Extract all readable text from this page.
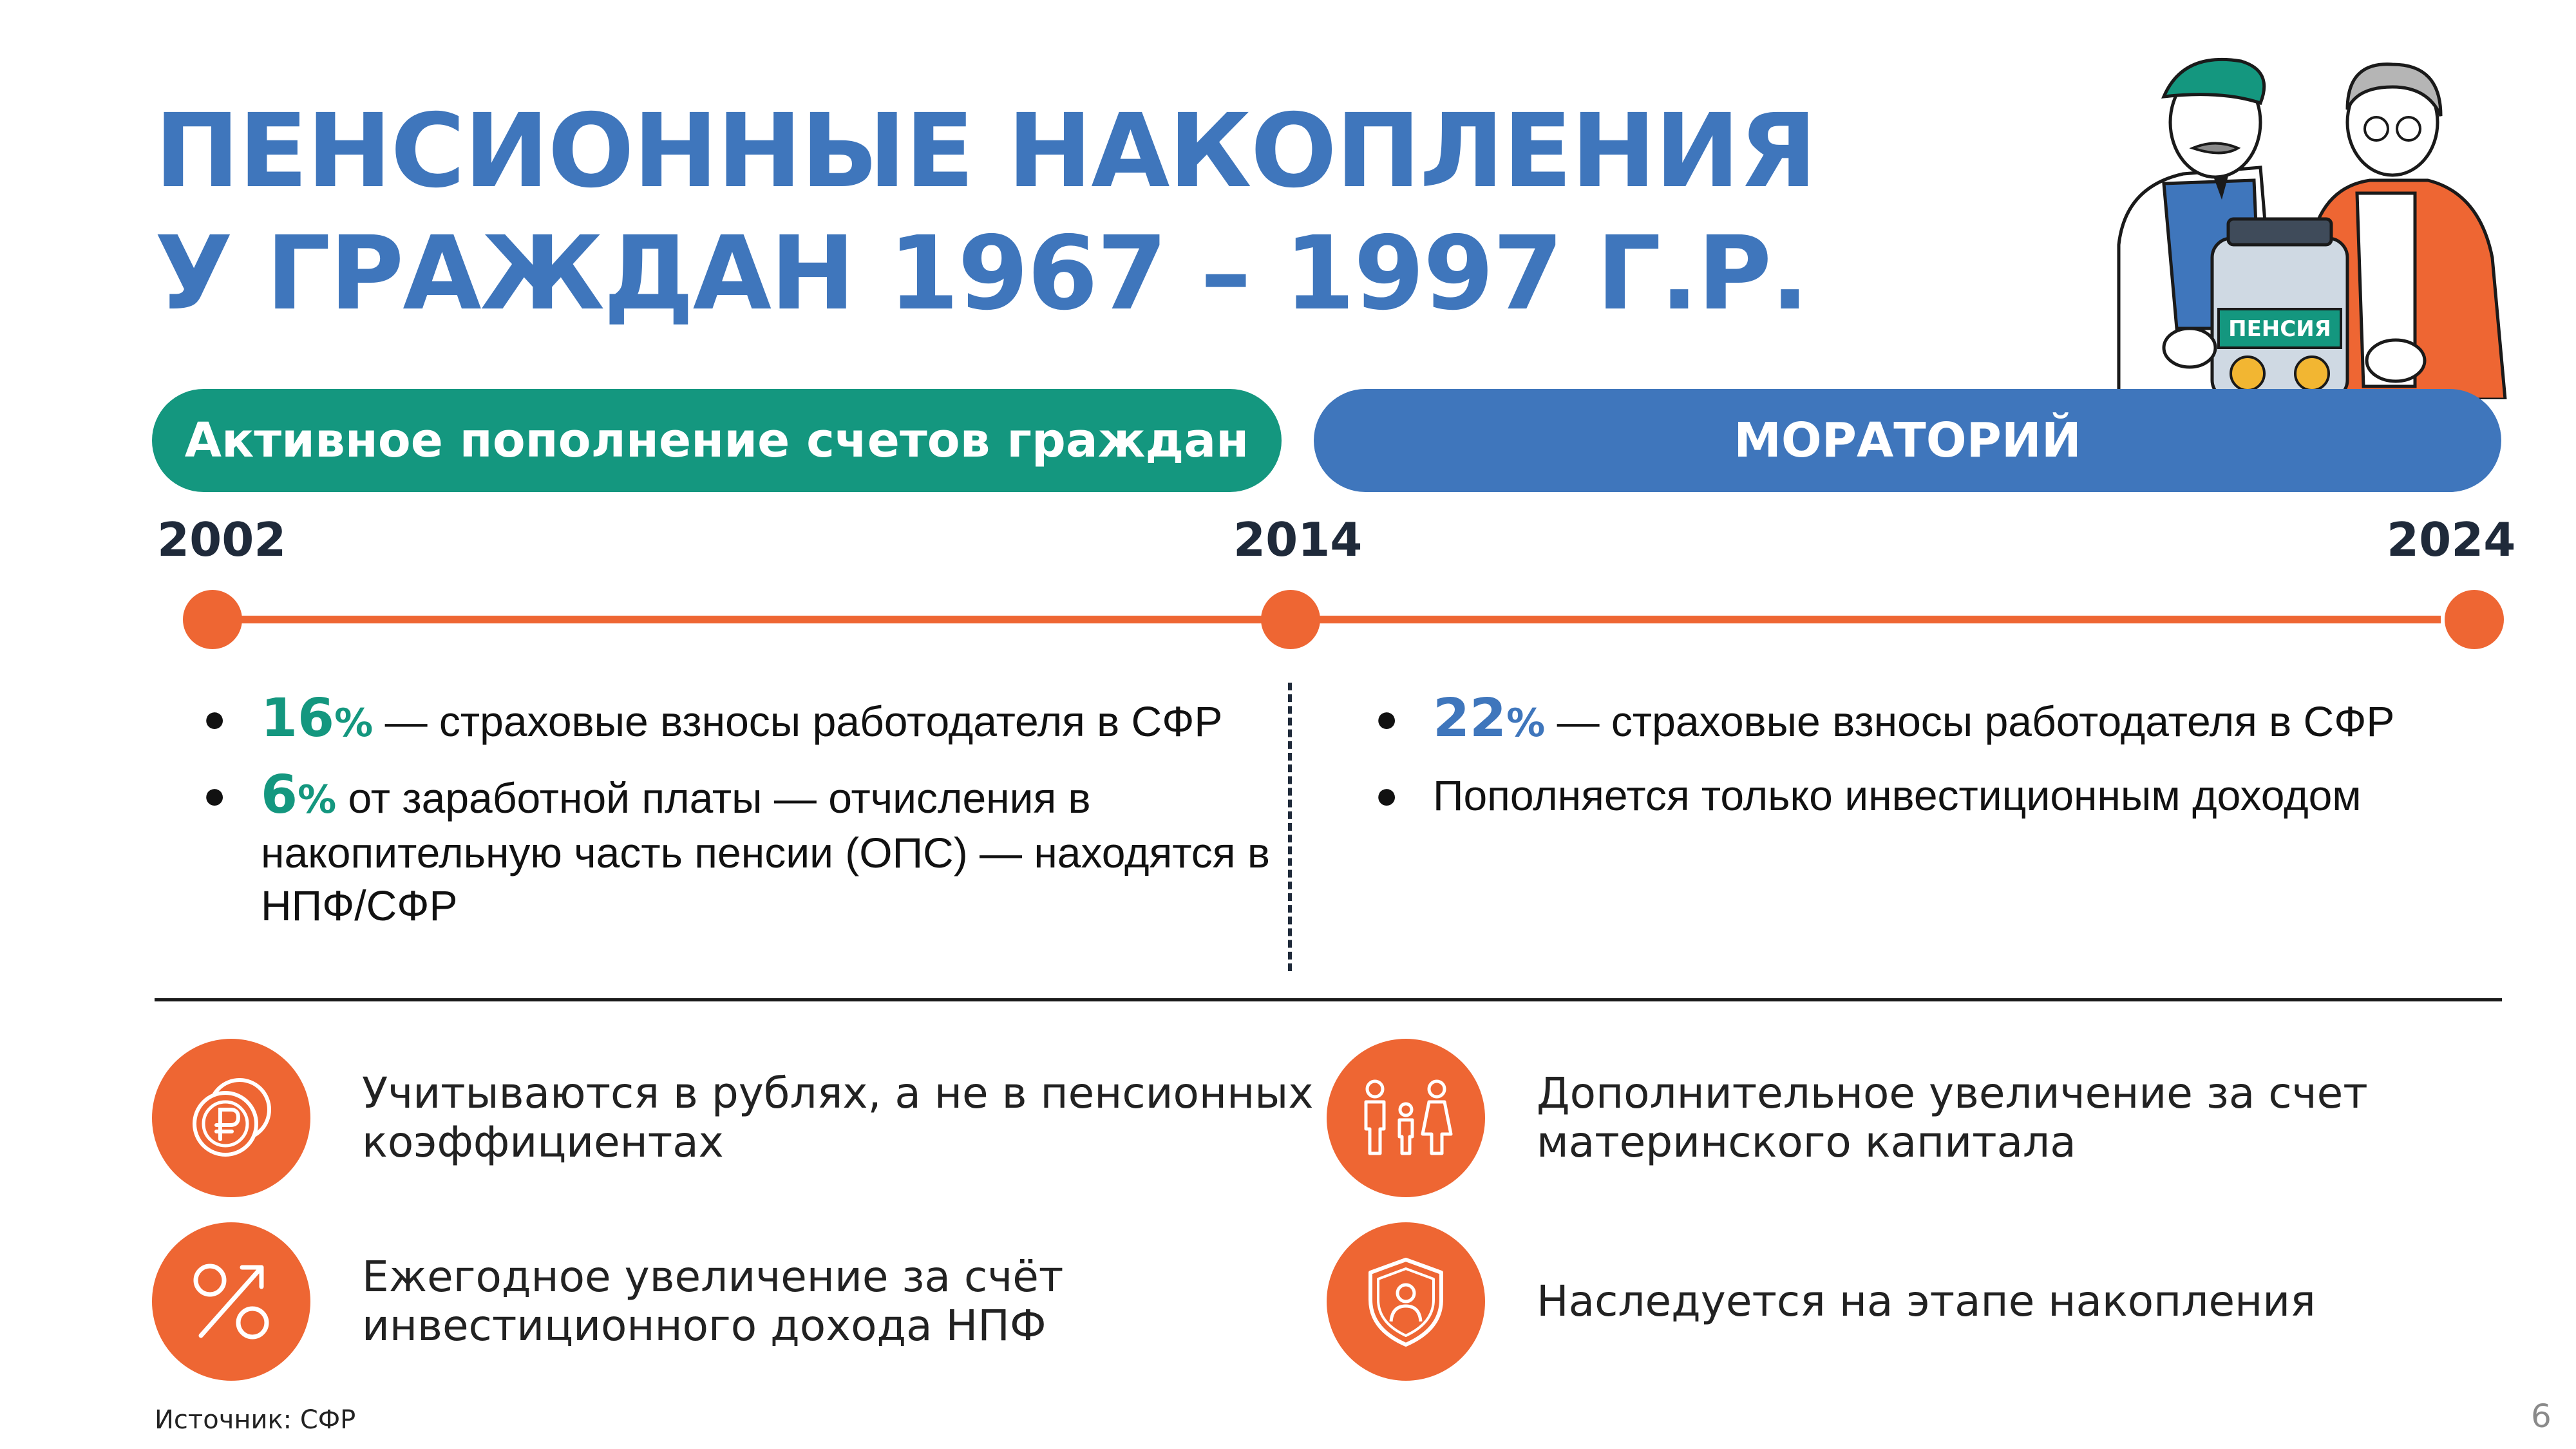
ПЕНСИОННЫЕ НАКОПЛЕНИЯ
У ГРАЖДАН 1967 – 1997 Г.Р.	ПЕНСИЯ
Активное пополнение счетов граждан	МОРАТОРИЙ
2002	2014	2024
● 16% — страховые взносы работодателя в СФР
● 6% от заработной платы — отчисления в накопительную часть пенсии (ОПС) — находятся в НПФ/СФР
● 22% — страховые взносы работодателя в СФР
● Пополняется только инвестиционным доходом
Учитываются в рублях, а не в пенсионных коэффициентах
Дополнительное увеличение за счет материнского капитала
Ежегодное увеличение за счёт инвестиционного дохода НПФ	Наследуется на этапе накопления
Источник: СФР	6
